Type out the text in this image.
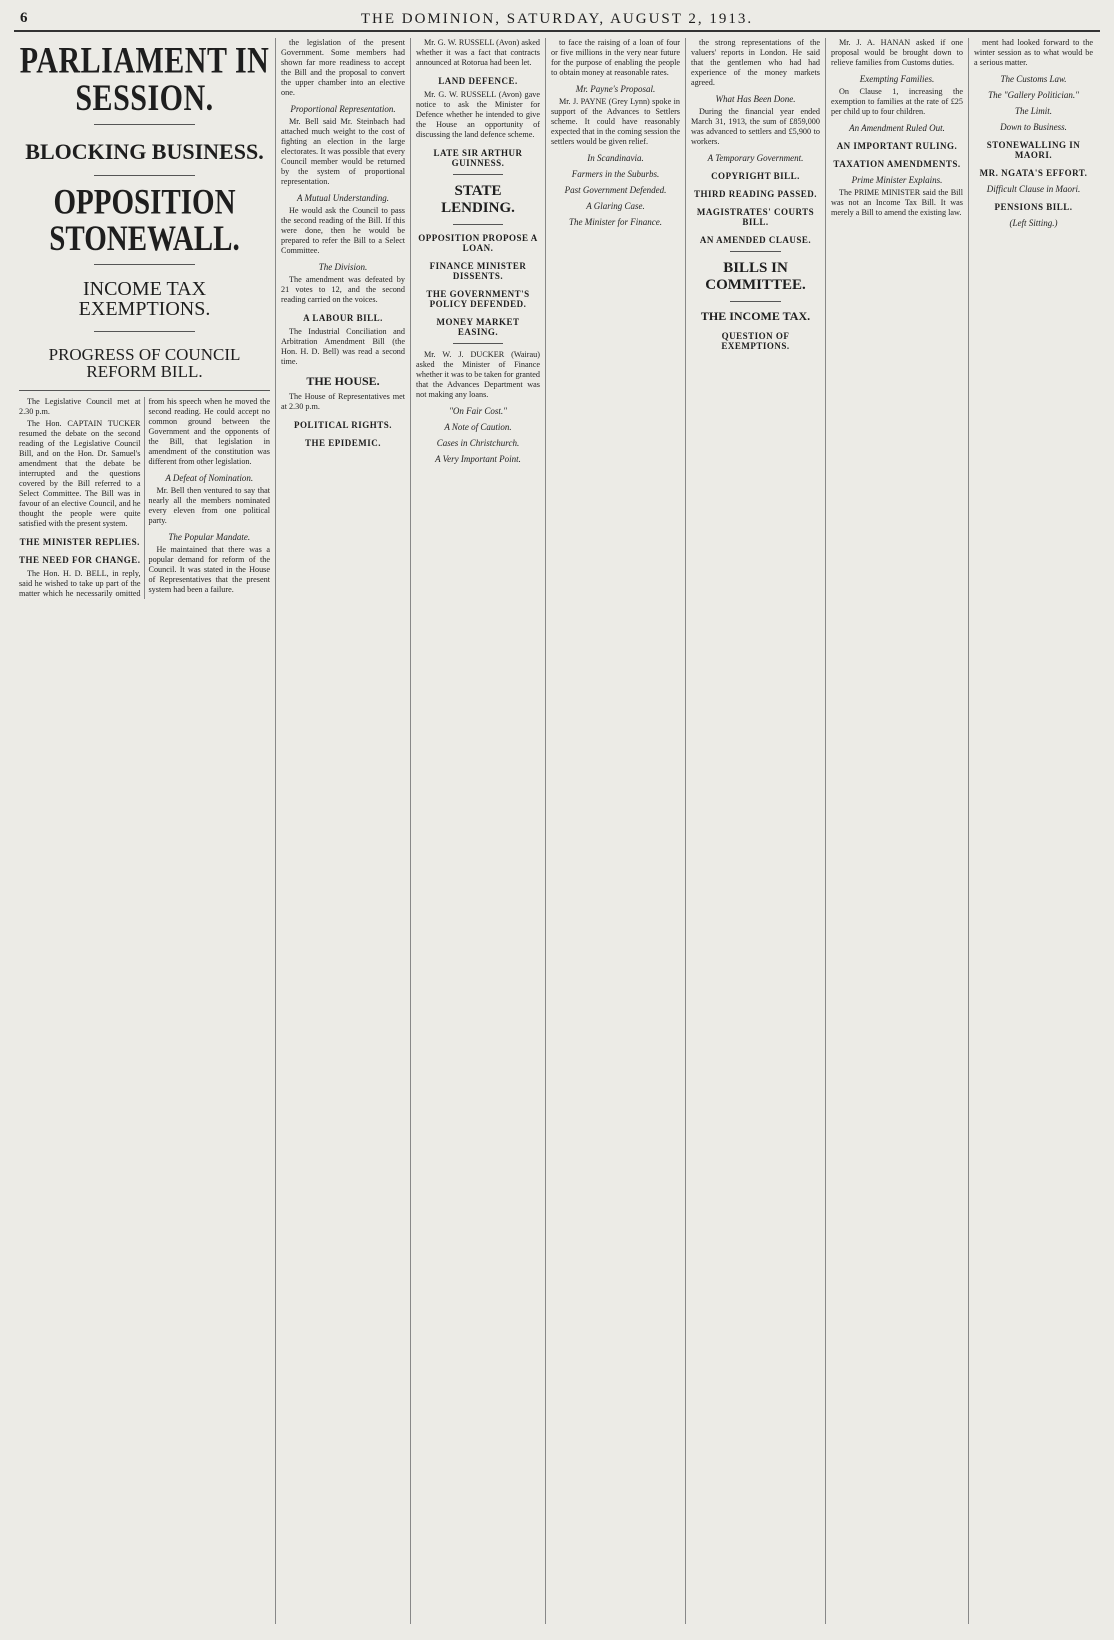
6	THE DOMINION, SATURDAY, AUGUST 2, 1913.
PARLIAMENT IN SESSION.
BLOCKING BUSINESS.
OPPOSITION STONEWALL.
INCOME TAX EXEMPTIONS.
PROGRESS OF COUNCIL REFORM BILL.

The Legislative Council met at 2.30 p.m.

The Hon. CAPTAIN TUCKER resumed the debate on the second reading of the Legislative Council Bill, and on the Hon. Dr. Samuel's amendment that the debate be interrupted and the questions covered by the Bill referred to a Select Committee. The Bill was in favour of an elective Council, and he thought the people were quite satisfied with the present system.

THE MINISTER REPLIES.
THE NEED FOR CHANGE.

The Hon. H. D. BELL, in reply, said he wished to take up part of the matter which he necessarily omitted from his speech when he moved the second reading. He could accept no common ground between the Government and the opponents of the Bill, that legislation in amendment of the constitution was different from other legislation.

A Defeat of Nomination.

Mr. Bell then ventured to say that nearly all the members nominated every eleven from one political party.

The Popular Mandate.

He maintained that there was a popular demand for reform of the Council. It was stated in the House of Representatives that the present system had been a failure.

the legislation of the present Government. Some members had shown far more readiness to accept the Bill and the proposal to convert the upper chamber into an elective one.

Proportional Representation.

Mr. Bell said Mr. Steinbach had attached much weight to the cost of fighting an election in the large electorates. It was possible that every Council member would be returned by the system of proportional representation.

A Mutual Understanding.

He would ask the Council to pass the second reading of the Bill. If this were done, then he would be prepared to refer the Bill to a Select Committee.

The Division.

The amendment was defeated by 21 votes to 12, and the second reading carried on the voices.

A LABOUR BILL.

The Industrial Conciliation and Arbitration Amendment Bill (the Hon. H. D. Bell) was read a second time.

THE HOUSE.

The House of Representatives met at 2.30 p.m.

POLITICAL RIGHTS.
THE EPIDEMIC.

Mr. G. W. RUSSELL (Avon) asked whether it was a fact that contracts announced at Rotorua had been let.

LAND DEFENCE.

Mr. G. W. RUSSELL (Avon) gave notice to ask the Minister for Defence whether he intended to give the House an opportunity of discussing the land defence scheme.

LATE SIR ARTHUR GUINNESS.
STATE LENDING.
OPPOSITION PROPOSE A LOAN.
FINANCE MINISTER DISSENTS.
THE GOVERNMENT'S POLICY DEFENDED.
MONEY MARKET EASING.

Mr. W. J. DUCKER (Wairau) asked the Minister of Finance whether it was to be taken for granted that the Advances Department was not making any loans.

"On Fair Cost."
A Note of Caution.
Cases in Christchurch.
A Very Important Point.

to face the raising of a loan of four or five millions in the very near future for the purpose of enabling the people to obtain money at reasonable rates.

Mr. Payne's Proposal.

Mr. J. PAYNE (Grey Lynn) spoke in support of the Advances to Settlers scheme. It could have reasonably expected that in the coming session the settlers would be given relief.

In Scandinavia.
Farmers in the Suburbs.
Past Government Defended.
A Glaring Case.
The Minister for Finance.

the strong representations of the valuers' reports in London. He said that the gentlemen who had had experience of the money markets agreed.

What Has Been Done.

During the financial year ended March 31, 1913, the sum of £859,000 was advanced to settlers and £5,900 to workers.

A Temporary Government.
COPYRIGHT BILL.
THIRD READING PASSED.
MAGISTRATES' COURTS BILL.
AN AMENDED CLAUSE.
BILLS IN COMMITTEE.
THE INCOME TAX.
QUESTION OF EXEMPTIONS.

Mr. J. A. HANAN asked if one proposal would be brought down to relieve families from Customs duties.

Exempting Families.

On Clause 1, increasing the exemption to families at the rate of £25 per child up to four children.

An Amendment Ruled Out.
AN IMPORTANT RULING.
TAXATION AMENDMENTS.
Prime Minister Explains.

The PRIME MINISTER said the Bill was not an Income Tax Bill. It was merely a Bill to amend the existing law.

ment had looked forward to the winter session as to what would be a serious matter.

The Customs Law.
The "Gallery Politician."
The Limit.
Down to Business.
STONEWALLING IN MAORI.
MR. NGATA'S EFFORT.
Difficult Clause in Maori.
PENSIONS BILL.
(Left Sitting.)
